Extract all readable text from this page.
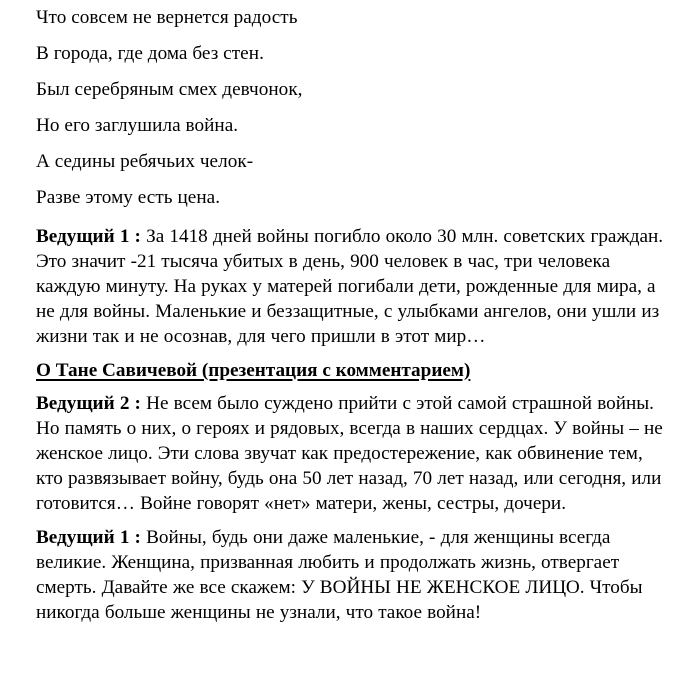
Что совсем не вернется радость
В города, где дома без стен.
Был серебряным смех девчонок,
Но его заглушила война.
А седины ребячьих челок-
Разве этому есть цена.

Ведущий 1 : За 1418 дней войны погибло около 30 млн. советских граждан. Это значит -21 тысяча убитых в день, 900 человек в час, три человека каждую минуту. На руках у матерей погибали дети, рожденные для мира, а не для войны. Маленькие и беззащитные, с улыбками ангелов, они ушли из жизни так и не осознав, для чего пришли в этот мир…

О Тане Савичевой (презентация с комментарием)

Ведущий 2 : Не всем было суждено прийти с этой самой страшной войны. Но память о них, о героях и рядовых, всегда в наших сердцах. У войны – не женское лицо. Эти слова звучат как предостережение, как обвинение тем, кто развязывает войну, будь она 50 лет назад, 70 лет назад, или сегодня, или готовится… Войне говорят «нет» матери, жены, сестры, дочери.

Ведущий 1 : Войны, будь они даже маленькие, - для женщины всегда великие. Женщина, призванная любить и продолжать жизнь, отвергает смерть. Давайте же все скажем: У ВОЙНЫ НЕ ЖЕНСКОЕ ЛИЦО. Чтобы никогда больше женщины не узнали, что такое война!
